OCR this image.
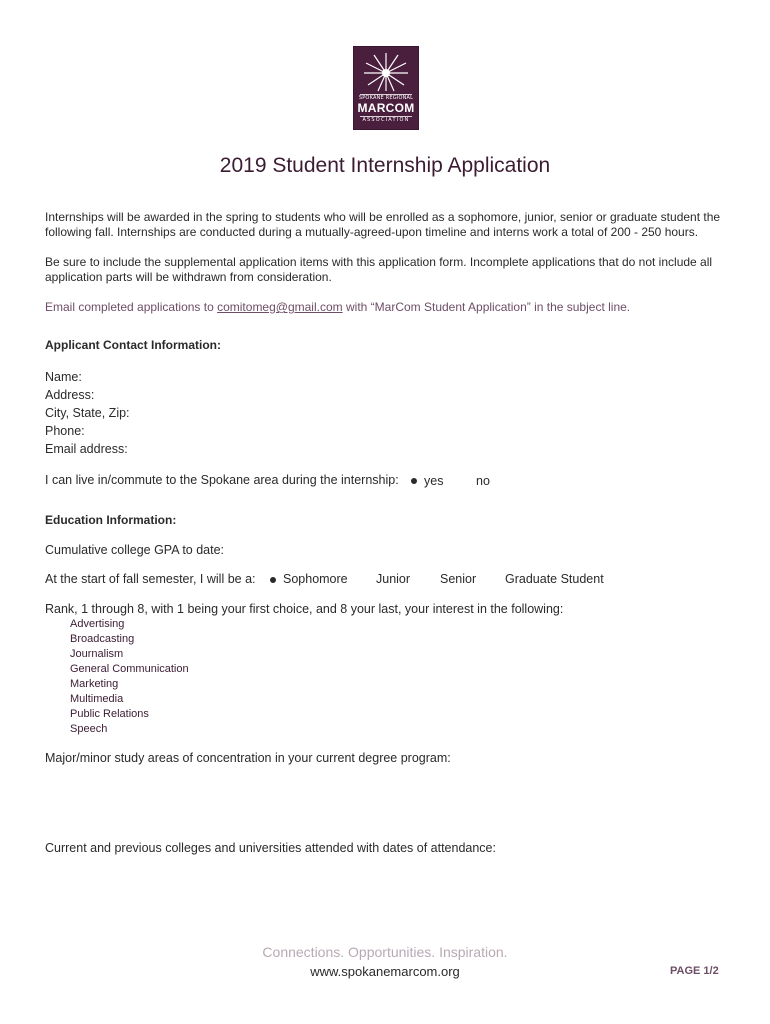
SPOKANE REGIONAL
MARCOM
ASSOCIATION
2019 Student Internship Application
Internships will be awarded in the spring to students who will be enrolled as a sophomore, junior, senior or graduate student the following fall. Internships are conducted during a mutually-agreed-upon timeline and interns work a total of 200 - 250 hours.
Be sure to include the supplemental application items with this application form. Incomplete applications that do not include all application parts will be withdrawn from consideration.
Email completed applications to comitomeg@gmail.com with “MarCom Student Application” in the subject line.
Applicant Contact Information:
Name:
Address:
City, State, Zip:
Phone:
Email address:
I can live in/commute to the Spokane area during the internship: yes	no
Education Information:
Cumulative college GPA to date:
At the start of fall semester, I will be a: Sophomore Junior Senior Graduate Student
Rank, 1 through 8, with 1 being your first choice, and 8 your last, your interest in the following:
Advertising
Broadcasting
Journalism
General Communication
Marketing
Multimedia
Public Relations
Speech
Major/minor study areas of concentration in your current degree program:
Current and previous colleges and universities attended with dates of attendance:
Connections. Opportunities. Inspiration.
www.spokanemarcom.org	PAGE 1/2
